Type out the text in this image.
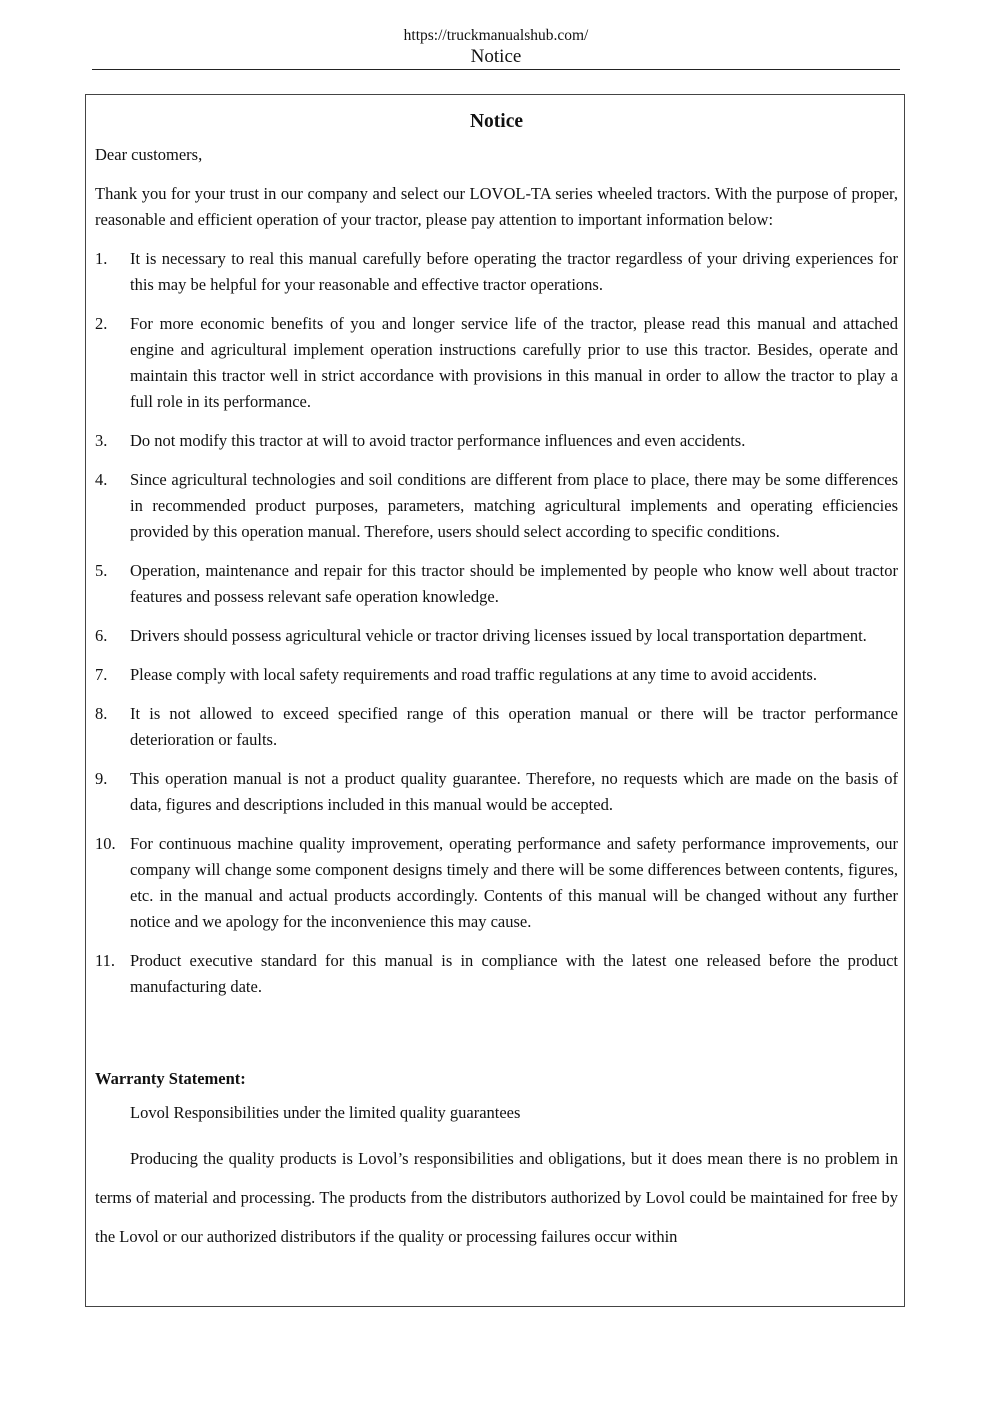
https://truckmanualshub.com/
Notice
Notice

Dear customers,

Thank you for your trust in our company and select our LOVOL-TA series wheeled tractors. With the purpose of proper, reasonable and efficient operation of your tractor, please pay attention to important information below:

1. It is necessary to real this manual carefully before operating the tractor regardless of your driving experiences for this may be helpful for your reasonable and effective tractor operations.
2. For more economic benefits of you and longer service life of the tractor, please read this manual and attached engine and agricultural implement operation instructions carefully prior to use this tractor. Besides, operate and maintain this tractor well in strict accordance with provisions in this manual in order to allow the tractor to play a full role in its performance.
3. Do not modify this tractor at will to avoid tractor performance influences and even accidents.
4. Since agricultural technologies and soil conditions are different from place to place, there may be some differences in recommended product purposes, parameters, matching agricultural implements and operating efficiencies provided by this operation manual. Therefore, users should select according to specific conditions.
5. Operation, maintenance and repair for this tractor should be implemented by people who know well about tractor features and possess relevant safe operation knowledge.
6. Drivers should possess agricultural vehicle or tractor driving licenses issued by local transportation department.
7. Please comply with local safety requirements and road traffic regulations at any time to avoid accidents.
8. It is not allowed to exceed specified range of this operation manual or there will be tractor performance deterioration or faults.
9. This operation manual is not a product quality guarantee. Therefore, no requests which are made on the basis of data, figures and descriptions included in this manual would be accepted.
10. For continuous machine quality improvement, operating performance and safety performance improvements, our company will change some component designs timely and there will be some differences between contents, figures, etc. in the manual and actual products accordingly. Contents of this manual will be changed without any further notice and we apology for the inconvenience this may cause.
11. Product executive standard for this manual is in compliance with the latest one released before the product manufacturing date.

Warranty Statement:

Lovol Responsibilities under the limited quality guarantees

Producing the quality products is Lovol’s responsibilities and obligations, but it does mean there is no problem in terms of material and processing. The products from the distributors authorized by Lovol could be maintained for free by the Lovol or our authorized distributors if the quality or processing failures occur within
